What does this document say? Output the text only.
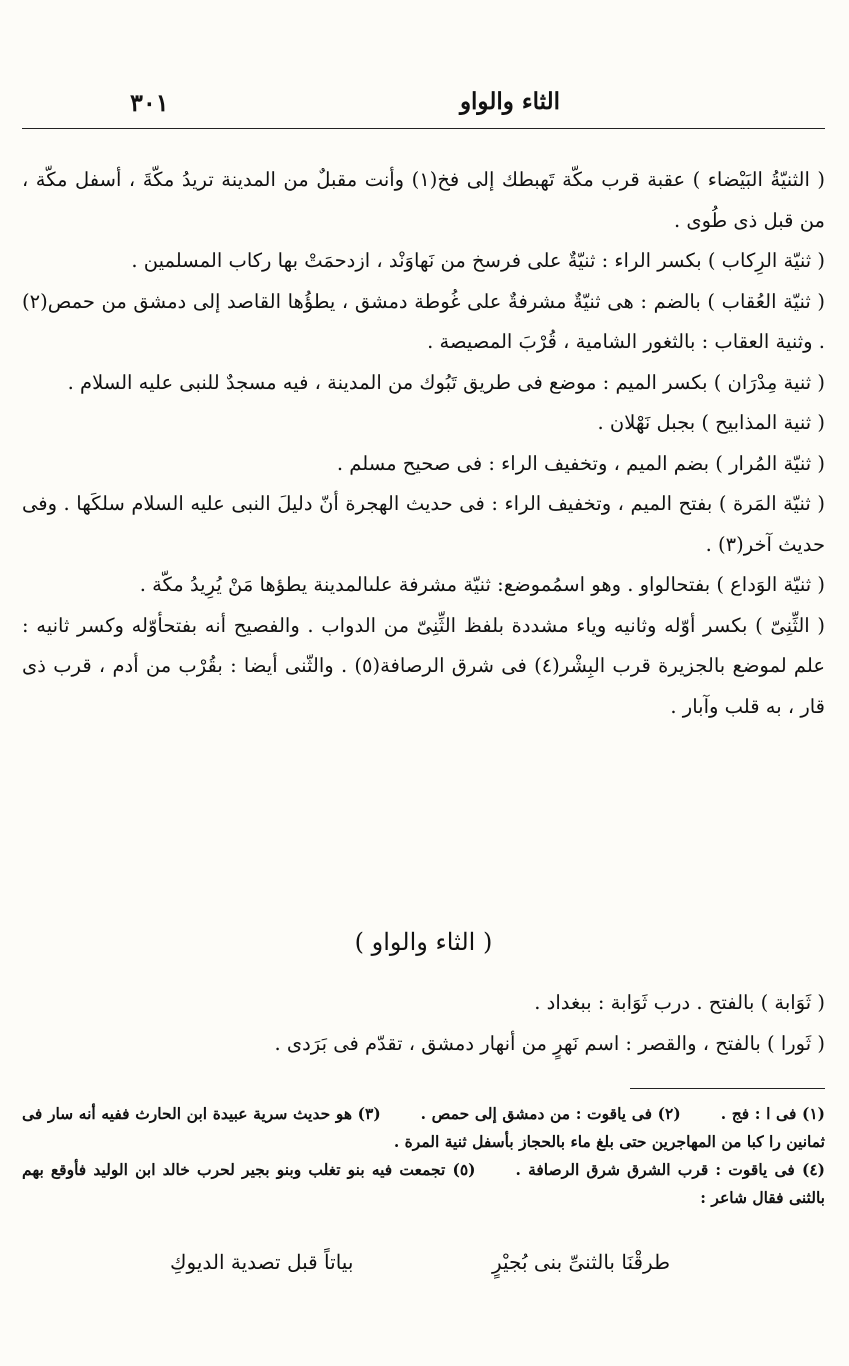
٣٠١	الثاء والواو

( الثنيّةُ البَيْضاء ) عقبة قرب مكّة تَهبطك إلى فخ(١) وأنت مقبلٌ من المدينة تريدُ مكّةَ ، أسفل مكّة ، من قبل ذى طُوى .

( ثنيّة الرِكاب ) بكسر الراء : ثنيّةٌ على فرسخ من نَهاوَنْد ، ازدحمَتْ بها ركاب المسلمين .

( ثنيّة العُقاب ) بالضم : هى ثنيّةٌ مشرفةٌ على غُوطة دمشق ، يطؤُها القاصد إلى دمشق من حمص(٢) . وثنية العقاب : بالثغور الشامية ، قُرْبَ المصيصة .

( ثنية مِدْرَان ) بكسر الميم : موضع فى طريق تَبُوك من المدينة ، فيه مسجدٌ للنبى عليه السلام .

( ثنية المذابيح ) بجبل نَهْلان .

( ثنيّة المُرار ) بضم الميم ، وتخفيف الراء : فى صحيح مسلم .

( ثنيّة المَرة ) بفتح الميم ، وتخفيف الراء : فى حديث الهجرة أنّ دليلَ النبى عليه السلام سلكَها . وفى حديث آخر(٣) .

( ثنيّة الوَداع ) بفتحالواو . وهو اسمُموضع: ثنيّة مشرفة علىالمدينة يطؤها مَنْ يُرِيدُ مكّة .

( الثِّنِىّ ) بكسر أوّله وثانيه وياء مشددة بلفظ الثِّنِىّ من الدواب . والفصيح أنه بفتحأوّله وكسر ثانيه : علم لموضع بالجزيرة قرب البِشْر(٤) فى شرق الرصافة(٥) . والثّنى أيضا : بقُرْب من أدم ، قرب ذى قار ، به قلب وآبار .

( الثاء والواو )

( ثَوَابة ) بالفتح . درب ثَوَابة : ببغداد .

( ثَورا ) بالفتح ، والقصر : اسم نَهرٍ من أنهار دمشق ، تقدّم فى بَرَدى .

(١) فى ا : فج .(٢) فى ياقوت : من دمشق إلى حمص .(٣) هو حديث سرية عبيدة ابن الحارث ففيه أنه سار فى ثمانين را كبا من المهاجرين حتى بلغ ماء بالحجاز بأسفل ثنية المرة .

(٤) فى ياقوت : قرب الشرق شرق الرصافة .(٥) تجمعت فيه بنو تغلب وبنو بجير لحرب خالد ابن الوليد فأوقع بهم بالثنى فقال شاعر :

طرقْنَا بالثنىِّ بنى بُجيْرٍ
بياتاً قبل تصدية الديوكِ
